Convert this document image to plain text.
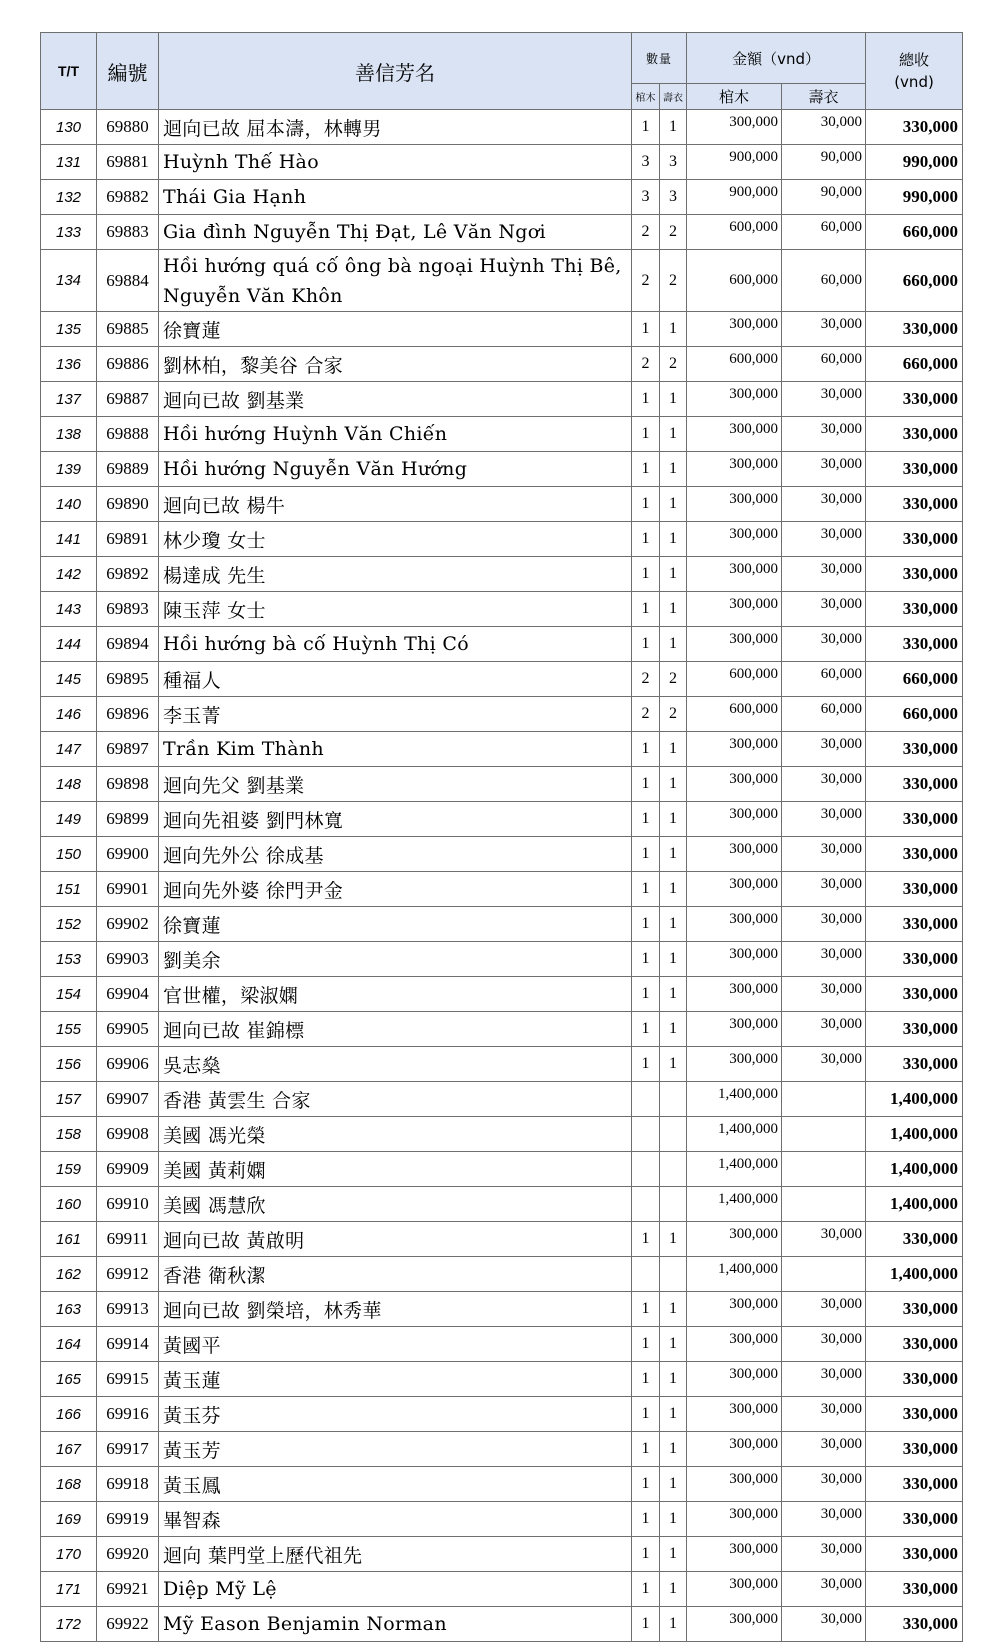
T/T	編號	善信芳名	數量		金額（vnd）		總收
(vnd)
			棺木	壽衣	棺木	壽衣	
130	69880	迴向已故 屈本濤，林轉男	1	1	300,000	30,000	330,000
131	69881	Huỳnh Thế Hào	3	3	900,000	90,000	990,000
132	69882	Thái Gia Hạnh	3	3	900,000	90,000	990,000
133	69883	Gia đình Nguyễn Thị Đạt, Lê Văn Ngơi	2	2	600,000	60,000	660,000
134	69884	Hồi hướng quá cố ông bà ngoại Huỳnh Thị Bê, Nguyễn Văn Khôn	2	2	600,000	60,000	660,000
135	69885	徐寶蓮	1	1	300,000	30,000	330,000
136	69886	劉林柏，黎美谷 合家	2	2	600,000	60,000	660,000
137	69887	迴向已故 劉基業	1	1	300,000	30,000	330,000
138	69888	Hồi hướng Huỳnh Văn Chiến	1	1	300,000	30,000	330,000
139	69889	Hồi hướng Nguyễn Văn Hướng	1	1	300,000	30,000	330,000
140	69890	迴向已故 楊牛	1	1	300,000	30,000	330,000
141	69891	林少瓊 女士	1	1	300,000	30,000	330,000
142	69892	楊達成 先生	1	1	300,000	30,000	330,000
143	69893	陳玉萍 女士	1	1	300,000	30,000	330,000
144	69894	Hồi hướng bà cố Huỳnh Thị Có	1	1	300,000	30,000	330,000
145	69895	種福人	2	2	600,000	60,000	660,000
146	69896	李玉菁	2	2	600,000	60,000	660,000
147	69897	Trần Kim Thành	1	1	300,000	30,000	330,000
148	69898	迴向先父 劉基業	1	1	300,000	30,000	330,000
149	69899	迴向先祖婆 劉門林寬	1	1	300,000	30,000	330,000
150	69900	迴向先外公 徐成基	1	1	300,000	30,000	330,000
151	69901	迴向先外婆 徐門尹金	1	1	300,000	30,000	330,000
152	69902	徐寶蓮	1	1	300,000	30,000	330,000
153	69903	劉美余	1	1	300,000	30,000	330,000
154	69904	官世權，梁淑嫻	1	1	300,000	30,000	330,000
155	69905	迴向已故 崔錦標	1	1	300,000	30,000	330,000
156	69906	吳志燊	1	1	300,000	30,000	330,000
157	69907	香港 黃雲生 合家			1,400,000		1,400,000
158	69908	美國 馮光榮			1,400,000		1,400,000
159	69909	美國 黃莉嫻			1,400,000		1,400,000
160	69910	美國 馮慧欣			1,400,000		1,400,000
161	69911	迴向已故 黃啟明	1	1	300,000	30,000	330,000
162	69912	香港 衛秋潔			1,400,000		1,400,000
163	69913	迴向已故 劉榮培，林秀華	1	1	300,000	30,000	330,000
164	69914	黃國平	1	1	300,000	30,000	330,000
165	69915	黃玉蓮	1	1	300,000	30,000	330,000
166	69916	黃玉芬	1	1	300,000	30,000	330,000
167	69917	黃玉芳	1	1	300,000	30,000	330,000
168	69918	黃玉鳳	1	1	300,000	30,000	330,000
169	69919	畢智森	1	1	300,000	30,000	330,000
170	69920	迴向 葉門堂上歷代祖先	1	1	300,000	30,000	330,000
171	69921	Diệp Mỹ Lệ	1	1	300,000	30,000	330,000
172	69922	Mỹ Eason Benjamin Norman	1	1	300,000	30,000	330,000
